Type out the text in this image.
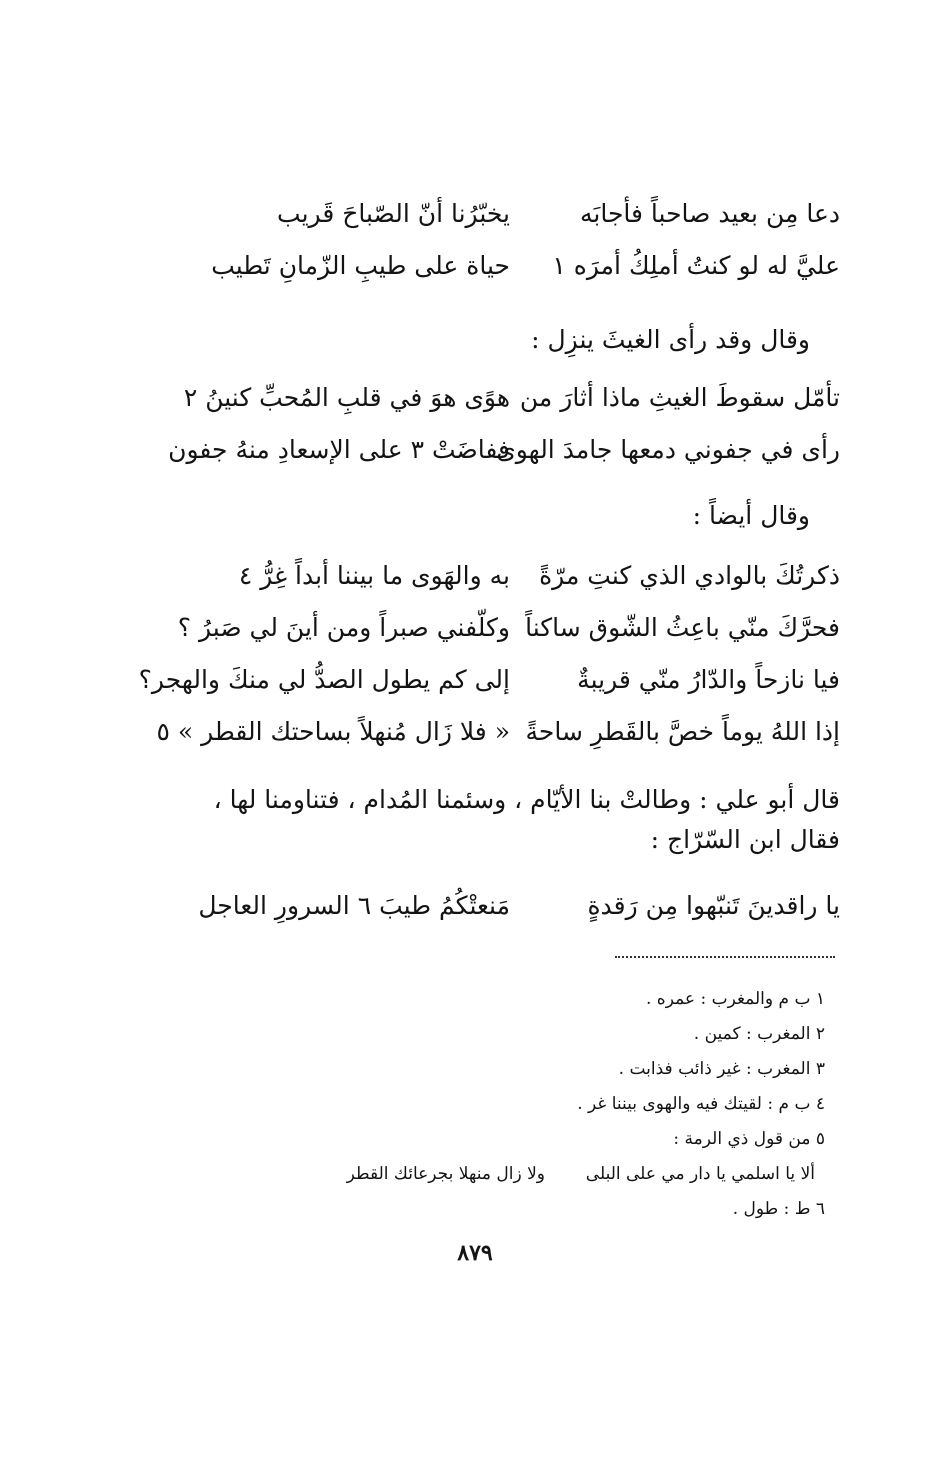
دعا مِن بعيد صاحباً فأجابَه
يخبّرُنا أنّ الصّباحَ قَريب
عليَّ له لو كنتُ أملِكُ أمرَه ١
حياة على طيبِ الزّمانِ تَطيب
وقال وقد رأى الغيثَ ينزِل :
تأمّل سقوطَ الغيثِ ماذا أثارَ من
هوًى هوَ في قلبِ المُحبِّ كنينُ ٢
رأى في جفوني دمعها جامدَ الهوى
ففاضَتْ ٣ على الإسعادِ منهُ جفون
وقال أيضاً :
ذكرتُكَ بالوادي الذي كنتِ مرّةً
به والهَوى ما بيننا أبداً غِرُّ ٤
فحرَّكَ منّي باعِثُ الشّوق ساكناً
وكلّفني صبراً ومن أينَ لي صَبرُ ؟
فيا نازحاً والدّارُ منّي قريبةٌ
إلى كم يطول الصدُّ لي منكَ والهجر؟
إذا اللهُ يوماً خصَّ بالقَطرِ ساحةً
« فلا زَال مُنهلاً بساحتك القطر » ٥
قال أبو علي : وطالتْ بنا الأيّام ، وسئمنا المُدام ، فتناومنا لها ،
فقال ابن السّرّاج :
يا راقدينَ تَنبّهوا مِن رَقدةٍ
مَنعتْكُمُ طيبَ ٦ السرورِ العاجل
١ ب م والمغرب : عمره .
٢ المغرب : كمين .
٣ المغرب : غير ذائب فذابت .
٤ ب م : لقيتك فيه والهوى بيننا غر .
٥ من قول ذي الرمة :
ألا يا اسلمي يا دار مي على البلى
ولا زال منهلا بجرعائك القطر
٦ ط : طول .
٨٧٩
